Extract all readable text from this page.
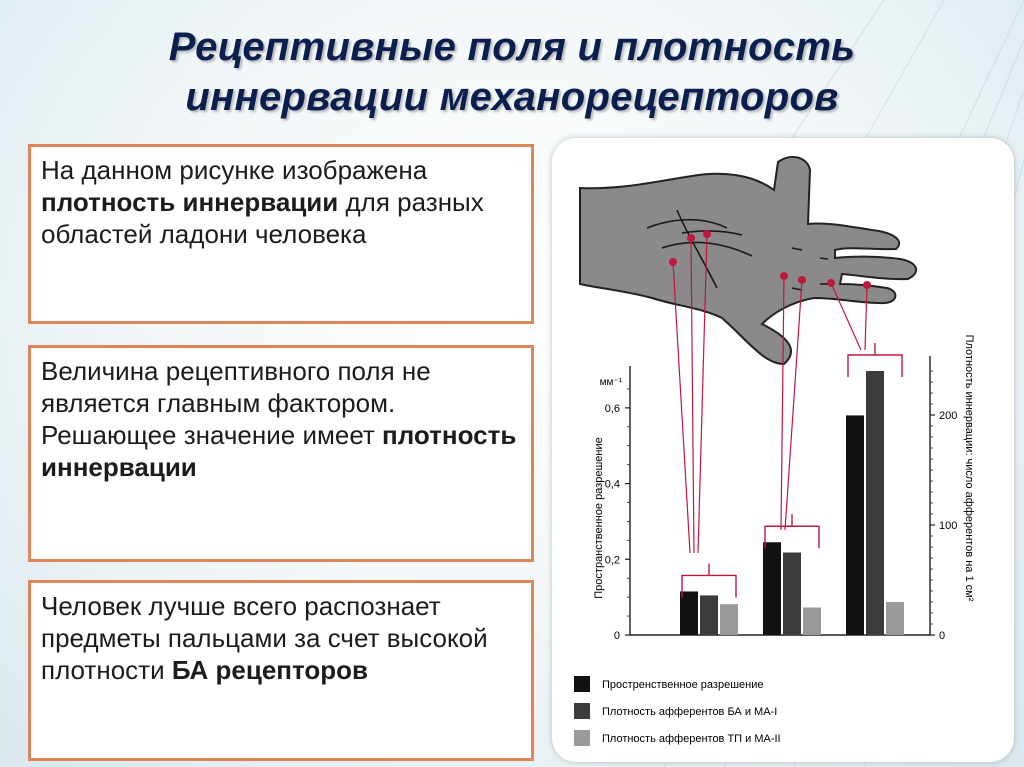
Рецептивные поля и плотность
иннервации механорецепторов
На данном рисунке изображена плотность иннервации для разных областей ладони человека
Величина рецептивного поля не является главным фактором. Решающее значение имеет плотность иннервации
Человек лучше всего распознает предметы пальцами за счет высокой плотности БА рецепторов
0
0,2
0,4
0,6
0
100
200
мм⁻¹
Пространственное разрешение	Плотность иннервации: число афферентов на 1 см²
Простренственное разрешение
Плотность афферентов БА и МА-I
Плотность афферентов ТП и МА-II
